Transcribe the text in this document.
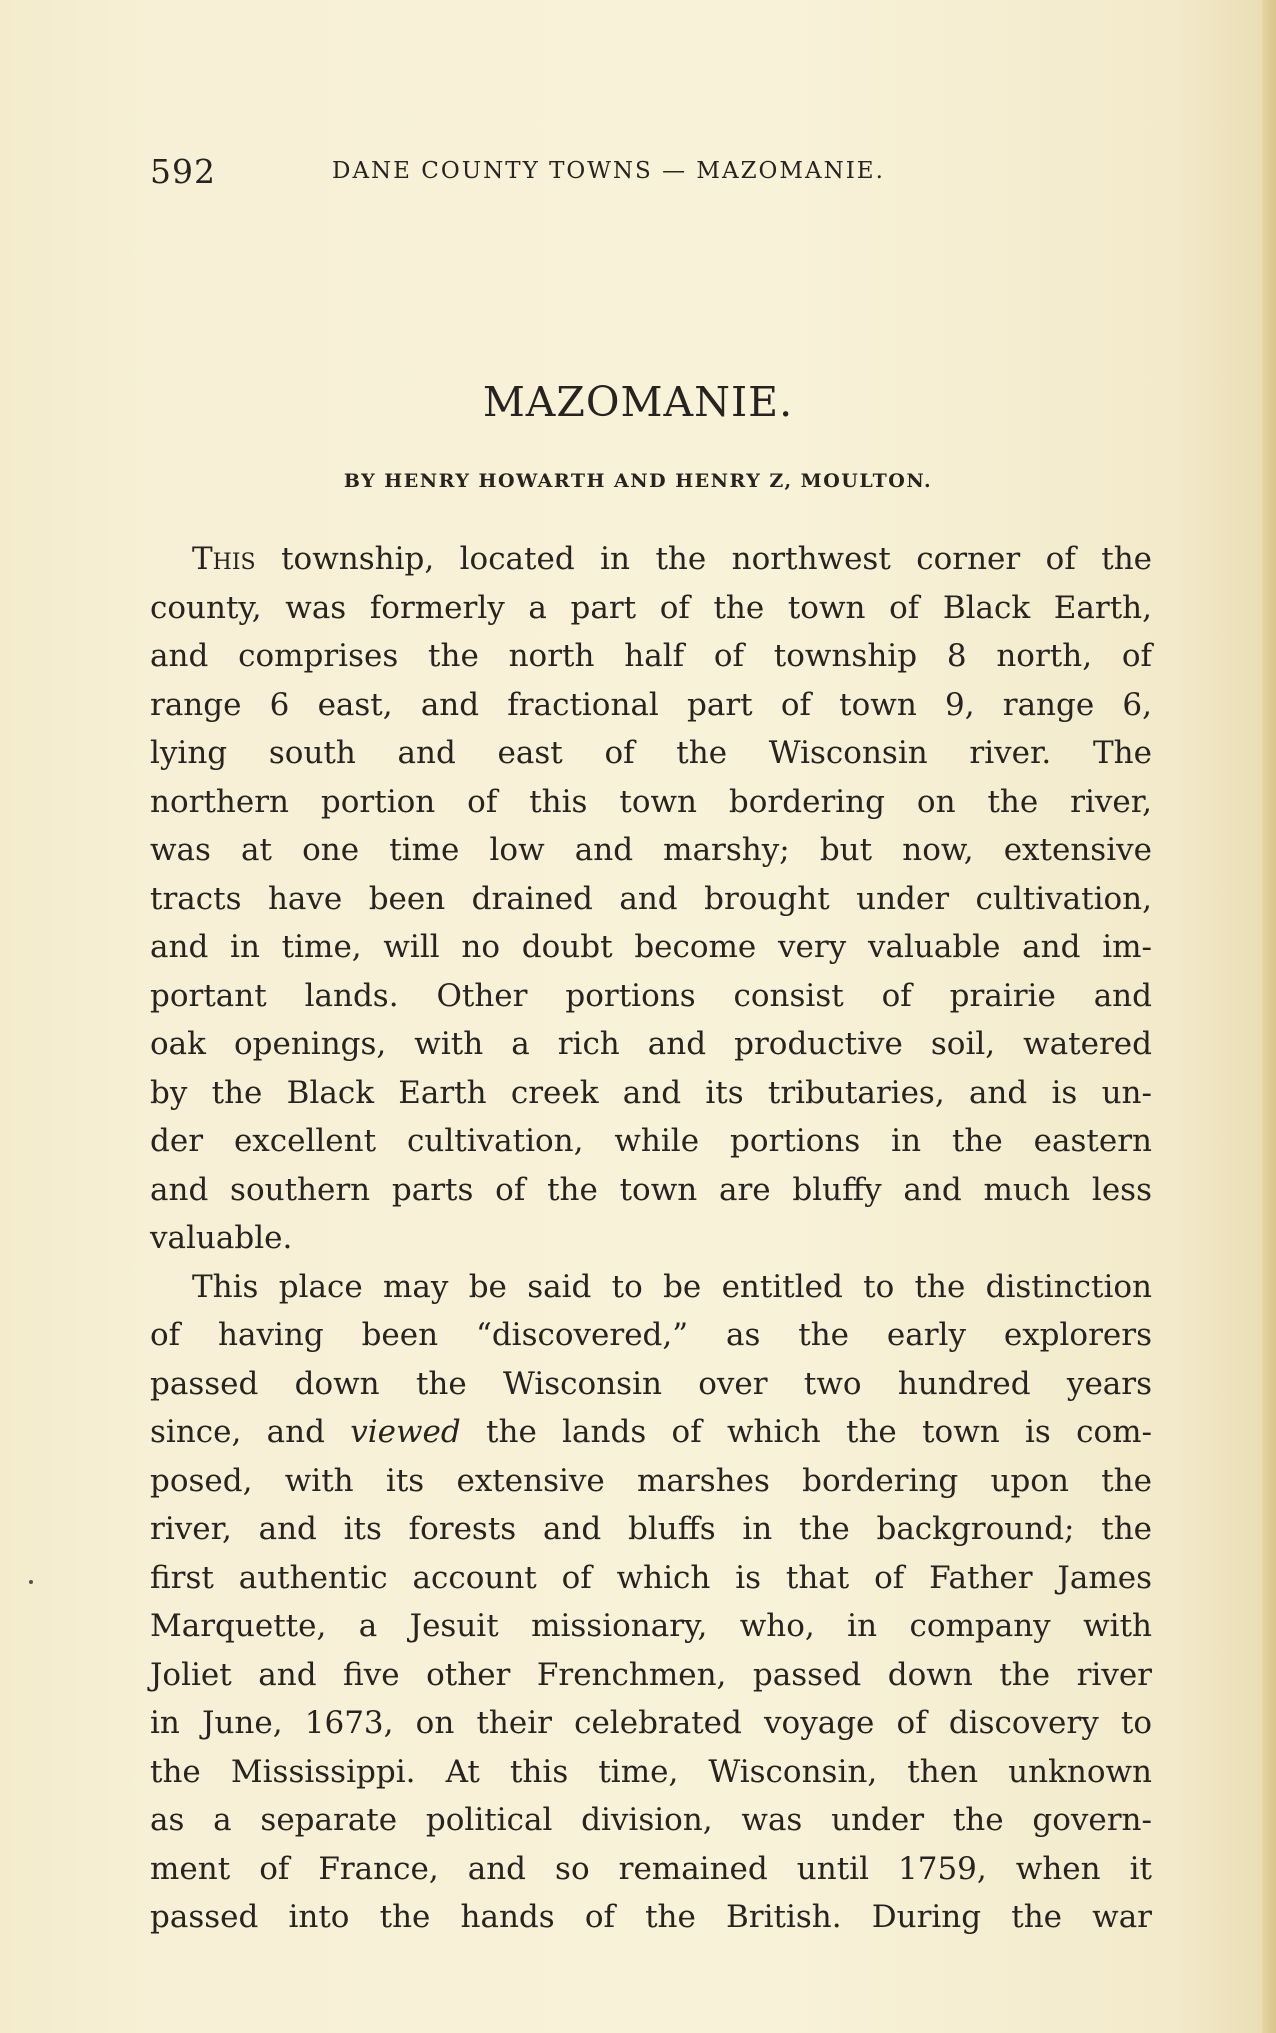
592	DANE COUNTY TOWNS — MAZOMANIE.
MAZOMANIE.
BY HENRY HOWARTH AND HENRY Z, MOULTON.
This township, located in the northwest corner of the
county, was formerly a part of the town of Black Earth,
and comprises the north half of township 8 north, of
range 6 east, and fractional part of town 9, range 6,
lying south and east of the Wisconsin river. The
northern portion of this town bordering on the river,
was at one time low and marshy; but now, extensive
tracts have been drained and brought under cultivation,
and in time, will no doubt become very valuable and im-
portant lands. Other portions consist of prairie and
oak openings, with a rich and productive soil, watered
by the Black Earth creek and its tributaries, and is un-
der excellent cultivation, while portions in the eastern
and southern parts of the town are bluffy and much less
valuable.
This place may be said to be entitled to the distinction
of having been “discovered,” as the early explorers
passed down the Wisconsin over two hundred years
since, and viewed the lands of which the town is com-
posed, with its extensive marshes bordering upon the
river, and its forests and bluffs in the background; the
first authentic account of which is that of Father James
Marquette, a Jesuit missionary, who, in company with
Joliet and five other Frenchmen, passed down the river
in June, 1673, on their celebrated voyage of discovery to
the Mississippi. At this time, Wisconsin, then unknown
as a separate political division, was under the govern-
ment of France, and so remained until 1759, when it
passed into the hands of the British. During the war
